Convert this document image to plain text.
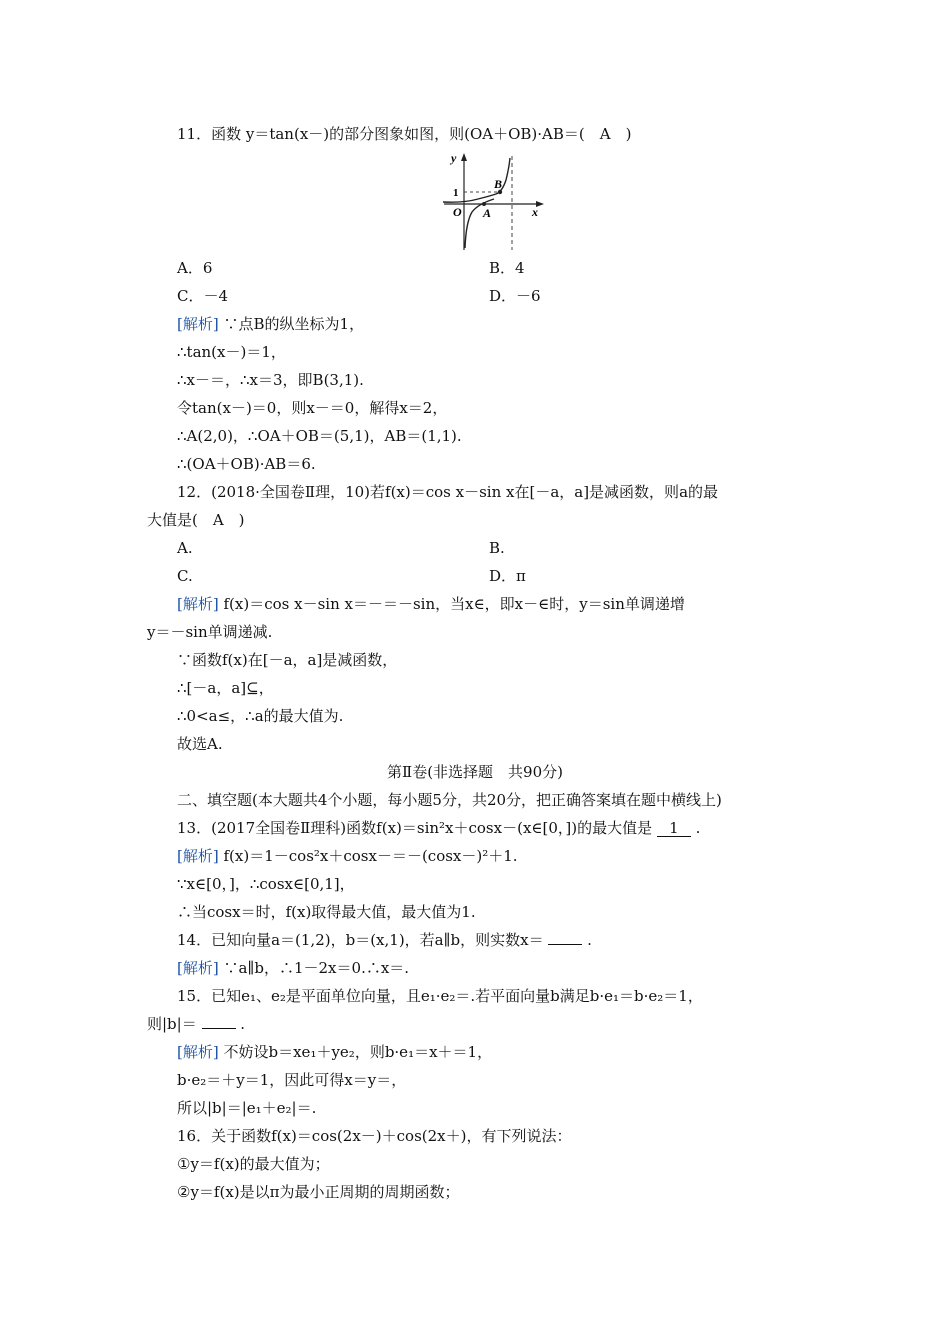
11．函数 y＝tan(x－)的部分图象如图，则(OA＋OB)·AB＝(　A　)
y
x
1
O A
B
A．6	B．4
C．－4	D．－6
[解析] ∵点B的纵坐标为1，
∴tan(x－)＝1，
∴x－＝，∴x＝3，即B(3,1).
令tan(x－)＝0，则x－＝0，解得x＝2，
∴A(2,0)，∴OA＋OB＝(5,1)，AB＝(1,1).
∴(OA＋OB)·AB＝6.
12．(2018·全国卷Ⅱ理，10)若f(x)＝cos x－sin x在[－a，a]是减函数，则a的最
大值是(　A　)
A.	B.
C.	D．π
[解析] f(x)＝cos x－sin x＝－＝－sin，当x∈，即x－∈时，y＝sin单调递增
y＝－sin单调递减.
∵函数f(x)在[－a，a]是减函数，
∴[－a，a]⊆，
∴0<a≤，∴a的最大值为.
故选A.
第Ⅱ卷(非选择题　共90分)
二、填空题(本大题共4个小题，每小题5分，共20分，把正确答案填在题中横线上)
13．(2017全国卷Ⅱ理科)函数f(x)＝sin²x＋cosx－(x∈[0，])的最大值是 1 .
[解析] f(x)＝1－cos²x＋cosx－＝－(cosx－)²＋1.
∵x∈[0，]，∴cosx∈[0,1]，
∴当cosx＝时，f(x)取得最大值，最大值为1.
14．已知向量a＝(1,2)，b＝(x,1)，若a∥b，则实数x＝	.
[解析] ∵a∥b，∴1－2x＝0.∴x＝.
15．已知e₁、e₂是平面单位向量，且e₁·e₂＝.若平面向量b满足b·e₁＝b·e₂＝1，
则|b|＝	.
[解析] 不妨设b＝xe₁＋ye₂，则b·e₁＝x＋＝1，
b·e₂＝＋y＝1，因此可得x＝y＝，
所以|b|＝|e₁＋e₂|＝.
16．关于函数f(x)＝cos(2x－)＋cos(2x＋)，有下列说法：
①y＝f(x)的最大值为；
②y＝f(x)是以π为最小正周期的周期函数；
